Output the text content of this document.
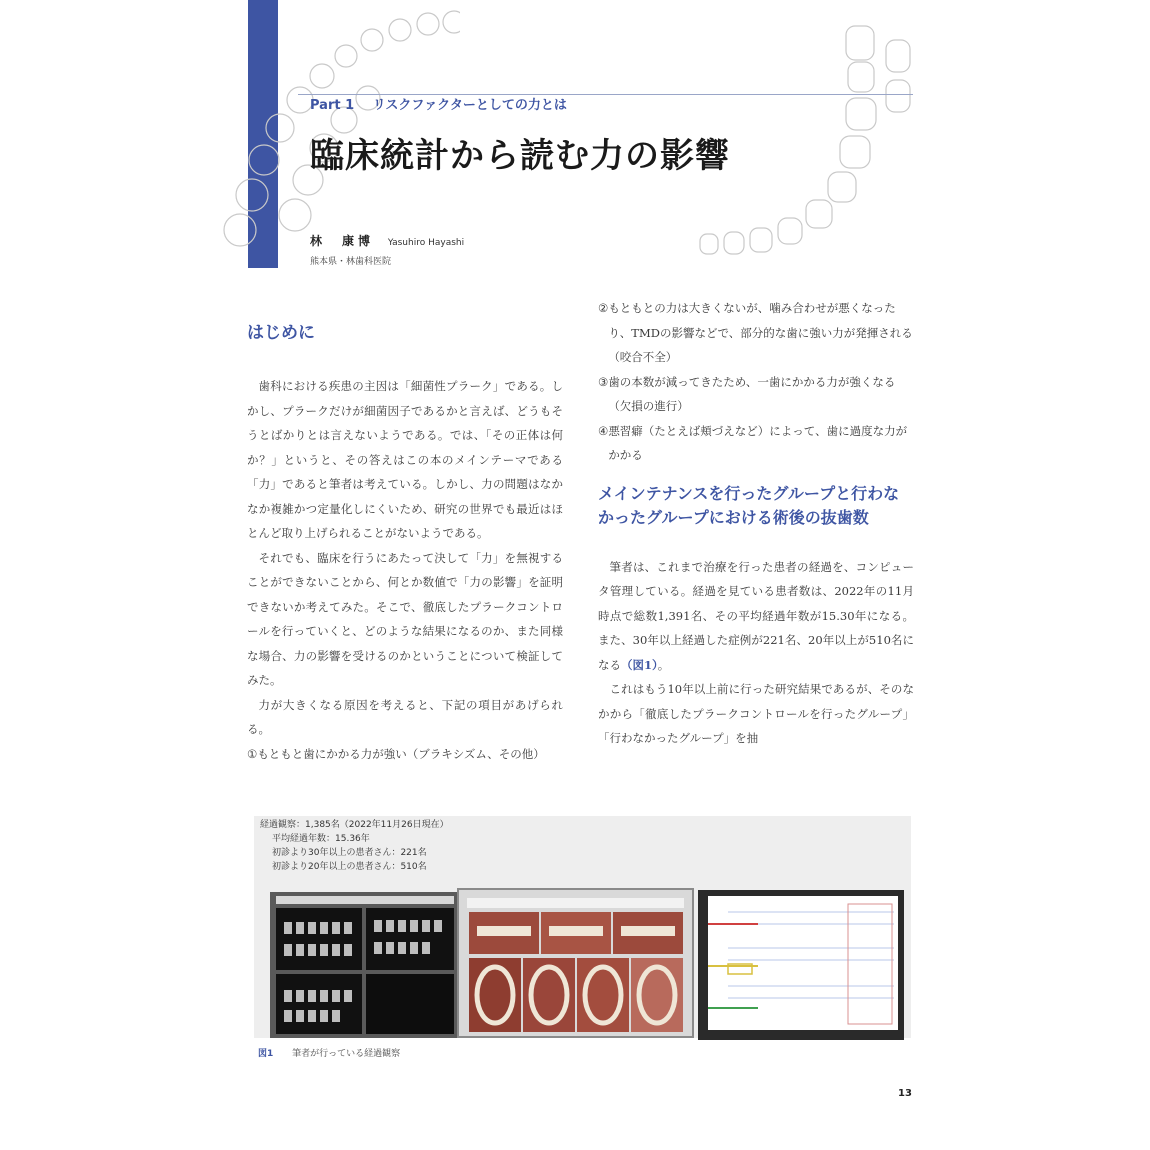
Part 1 リスクファクターとしての力とは
臨床統計から読む力の影響
林　康博 Yasuhiro Hayashi
熊本県・林歯科医院
はじめに

歯科における疾患の主因は「細菌性プラーク」である。しかし、プラークだけが細菌因子であるかと言えば、どうもそうとばかりとは言えないようである。では、「その正体は何か？」というと、その答えはこの本のメインテーマである「力」であると筆者は考えている。しかし、力の問題はなかなか複雑かつ定量化しにくいため、研究の世界でも最近はほとんど取り上げられることがないようである。

それでも、臨床を行うにあたって決して「力」を無視することができないことから、何とか数値で「力の影響」を証明できないか考えてみた。そこで、徹底したプラークコントロールを行っていくと、どのような結果になるのか、また同様な場合、力の影響を受けるのかということについて検証してみた。

力が大きくなる原因を考えると、下記の項目があげられる。

① もともと歯にかかる力が強い（ブラキシズム、その他）
② もともとの力は大きくないが、噛み合わせが悪くなったり、TMDの影響などで、部分的な歯に強い力が発揮される（咬合不全）
③ 歯の本数が減ってきたため、一歯にかかる力が強くなる（欠損の進行）
④ 悪習癖（たとえば頬づえなど）によって、歯に過度な力がかかる
メインテナンスを行ったグループと行わなかったグループにおける術後の抜歯数

筆者は、これまで治療を行った患者の経過を、コンピュータ管理している。経過を見ている患者数は、2022年の11月時点で総数1,391名、その平均経過年数が15.30年になる。また、30年以上経過した症例が221名、20年以上が510名になる（図1）。

これはもう10年以上前に行った研究結果であるが、そのなかから「徹底したプラークコントロールを行ったグループ」「行わなかったグループ」を抽

経過観察：1,385名（2022年11月26日現在）
平均経過年数：15.36年
初診より30年以上の患者さん：221名
初診より20年以上の患者さん：510名
図1 筆者が行っている経過観察
13
